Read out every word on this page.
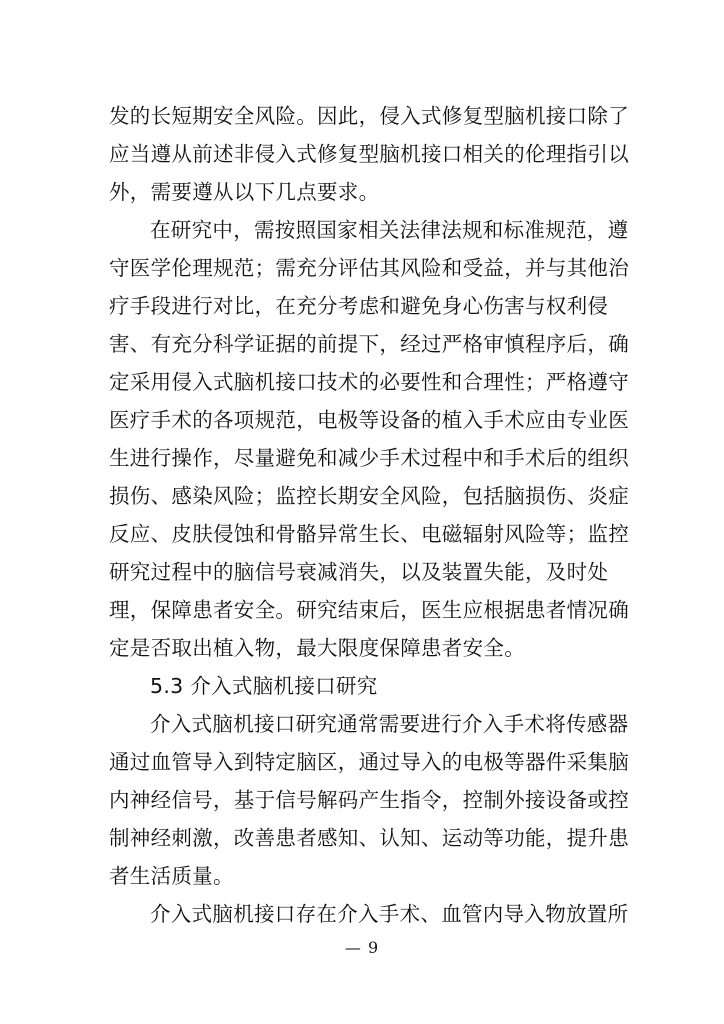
发的长短期安全风险。因此，侵入式修复型脑机接口除了
应当遵从前述非侵入式修复型脑机接口相关的伦理指引以
外，需要遵从以下几点要求。
在研究中，需按照国家相关法律法规和标准规范，遵
守医学伦理规范；需充分评估其风险和受益，并与其他治
疗手段进行对比，在充分考虑和避免身心伤害与权利侵
害、有充分科学证据的前提下，经过严格审慎程序后，确
定采用侵入式脑机接口技术的必要性和合理性；严格遵守
医疗手术的各项规范，电极等设备的植入手术应由专业医
生进行操作，尽量避免和减少手术过程中和手术后的组织
损伤、感染风险；监控长期安全风险，包括脑损伤、炎症
反应、皮肤侵蚀和骨骼异常生长、电磁辐射风险等；监控
研究过程中的脑信号衰减消失，以及装置失能，及时处
理，保障患者安全。研究结束后，医生应根据患者情况确
定是否取出植入物，最大限度保障患者安全。
5.3 介入式脑机接口研究
介入式脑机接口研究通常需要进行介入手术将传感器
通过血管导入到特定脑区，通过导入的电极等器件采集脑
内神经信号，基于信号解码产生指令，控制外接设备或控
制神经刺激，改善患者感知、认知、运动等功能，提升患
者生活质量。
介入式脑机接口存在介入手术、血管内导入物放置所
— 9
